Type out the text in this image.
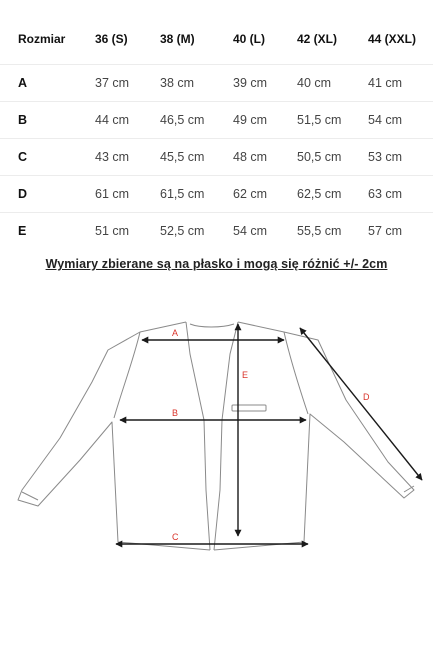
Rozmiar 36 (S)	38 (M)	40 (L)	42 (XL)	44 (XXL)
A	37 cm 38 cm	39 cm 40 cm	41 cm
B	44 cm 46,5 cm 49 cm 51,5 cm 54 cm
C	43 cm 45,5 cm 48 cm 50,5 cm 53 cm
D	61 cm 61,5 cm 62 cm 62,5 cm 63 cm
E	51 cm 52,5 cm 54 cm 55,5 cm 57 cm
Wymiary zbierane są na płasko i mogą się różnić +/- 2cm
A
B
C
D
E
